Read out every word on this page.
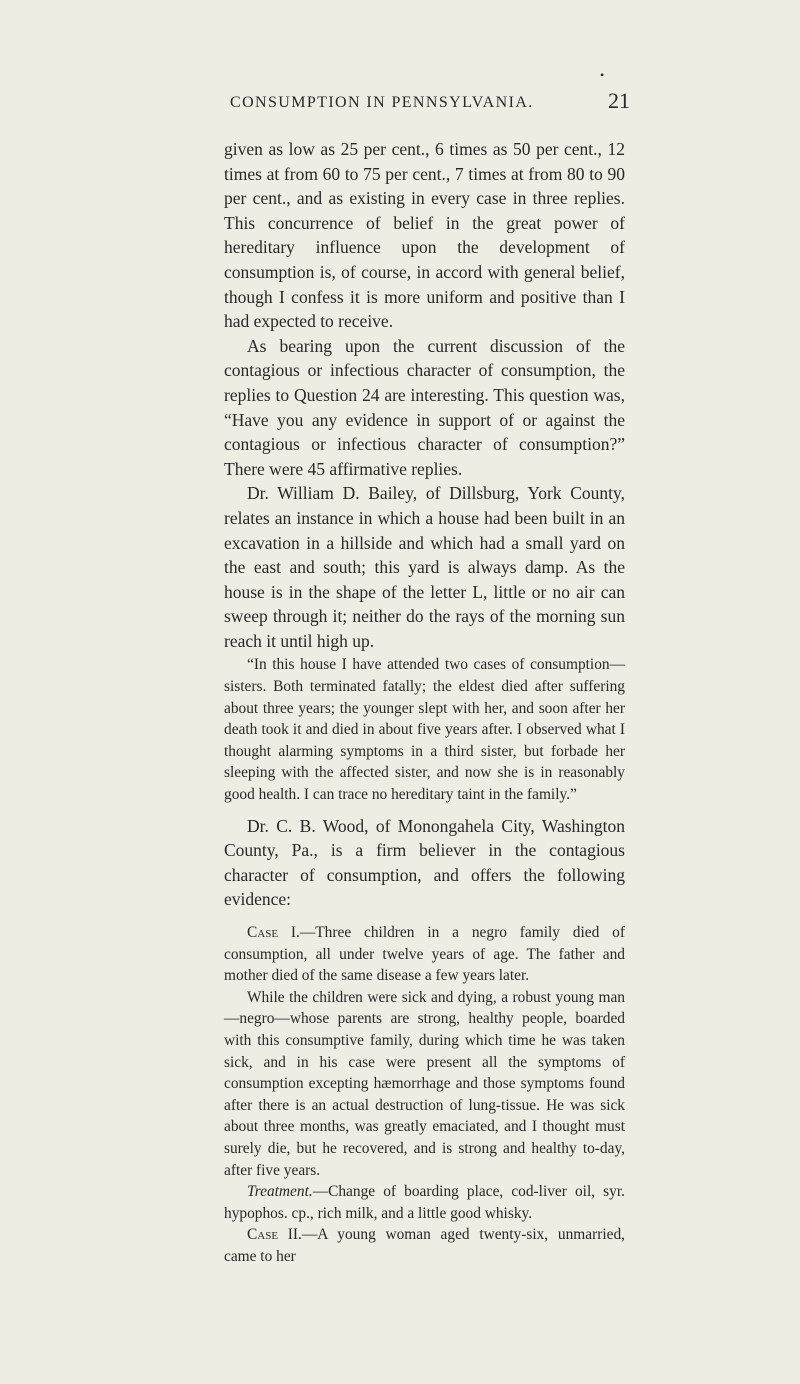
•
CONSUMPTION IN PENNSYLVANIA.	21

given as low as 25 per cent., 6 times as 50 per cent., 12 times at from 60 to 75 per cent., 7 times at from 80 to 90 per cent., and as existing in every case in three replies. This concurrence of belief in the great power of hereditary influence upon the development of consumption is, of course, in accord with general belief, though I confess it is more uniform and positive than I had expected to receive.

As bearing upon the current discussion of the contagious or infectious character of consumption, the replies to Question 24 are interesting. This question was, “Have you any evidence in support of or against the contagious or infectious character of consumption?” There were 45 affirmative replies.

Dr. William D. Bailey, of Dillsburg, York County, relates an instance in which a house had been built in an excavation in a hillside and which had a small yard on the east and south; this yard is always damp. As the house is in the shape of the letter L, little or no air can sweep through it; neither do the rays of the morning sun reach it until high up.

“In this house I have attended two cases of consumption—sisters. Both terminated fatally; the eldest died after suffering about three years; the younger slept with her, and soon after her death took it and died in about five years after. I observed what I thought alarming symptoms in a third sister, but forbade her sleeping with the affected sister, and now she is in reasonably good health. I can trace no hereditary taint in the family.”

Dr. C. B. Wood, of Monongahela City, Washington County, Pa., is a firm believer in the contagious character of consumption, and offers the following evidence:

Case I.—Three children in a negro family died of consumption, all under twelve years of age. The father and mother died of the same disease a few years later.

While the children were sick and dying, a robust young man—negro—whose parents are strong, healthy people, boarded with this consumptive family, during which time he was taken sick, and in his case were present all the symptoms of consumption excepting hæmorrhage and those symptoms found after there is an actual destruction of lung-tissue. He was sick about three months, was greatly emaciated, and I thought must surely die, but he recovered, and is strong and healthy to-day, after five years.

Treatment.—Change of boarding place, cod-liver oil, syr. hypophos. cp., rich milk, and a little good whisky.

Case II.—A young woman aged twenty-six, unmarried, came to her
